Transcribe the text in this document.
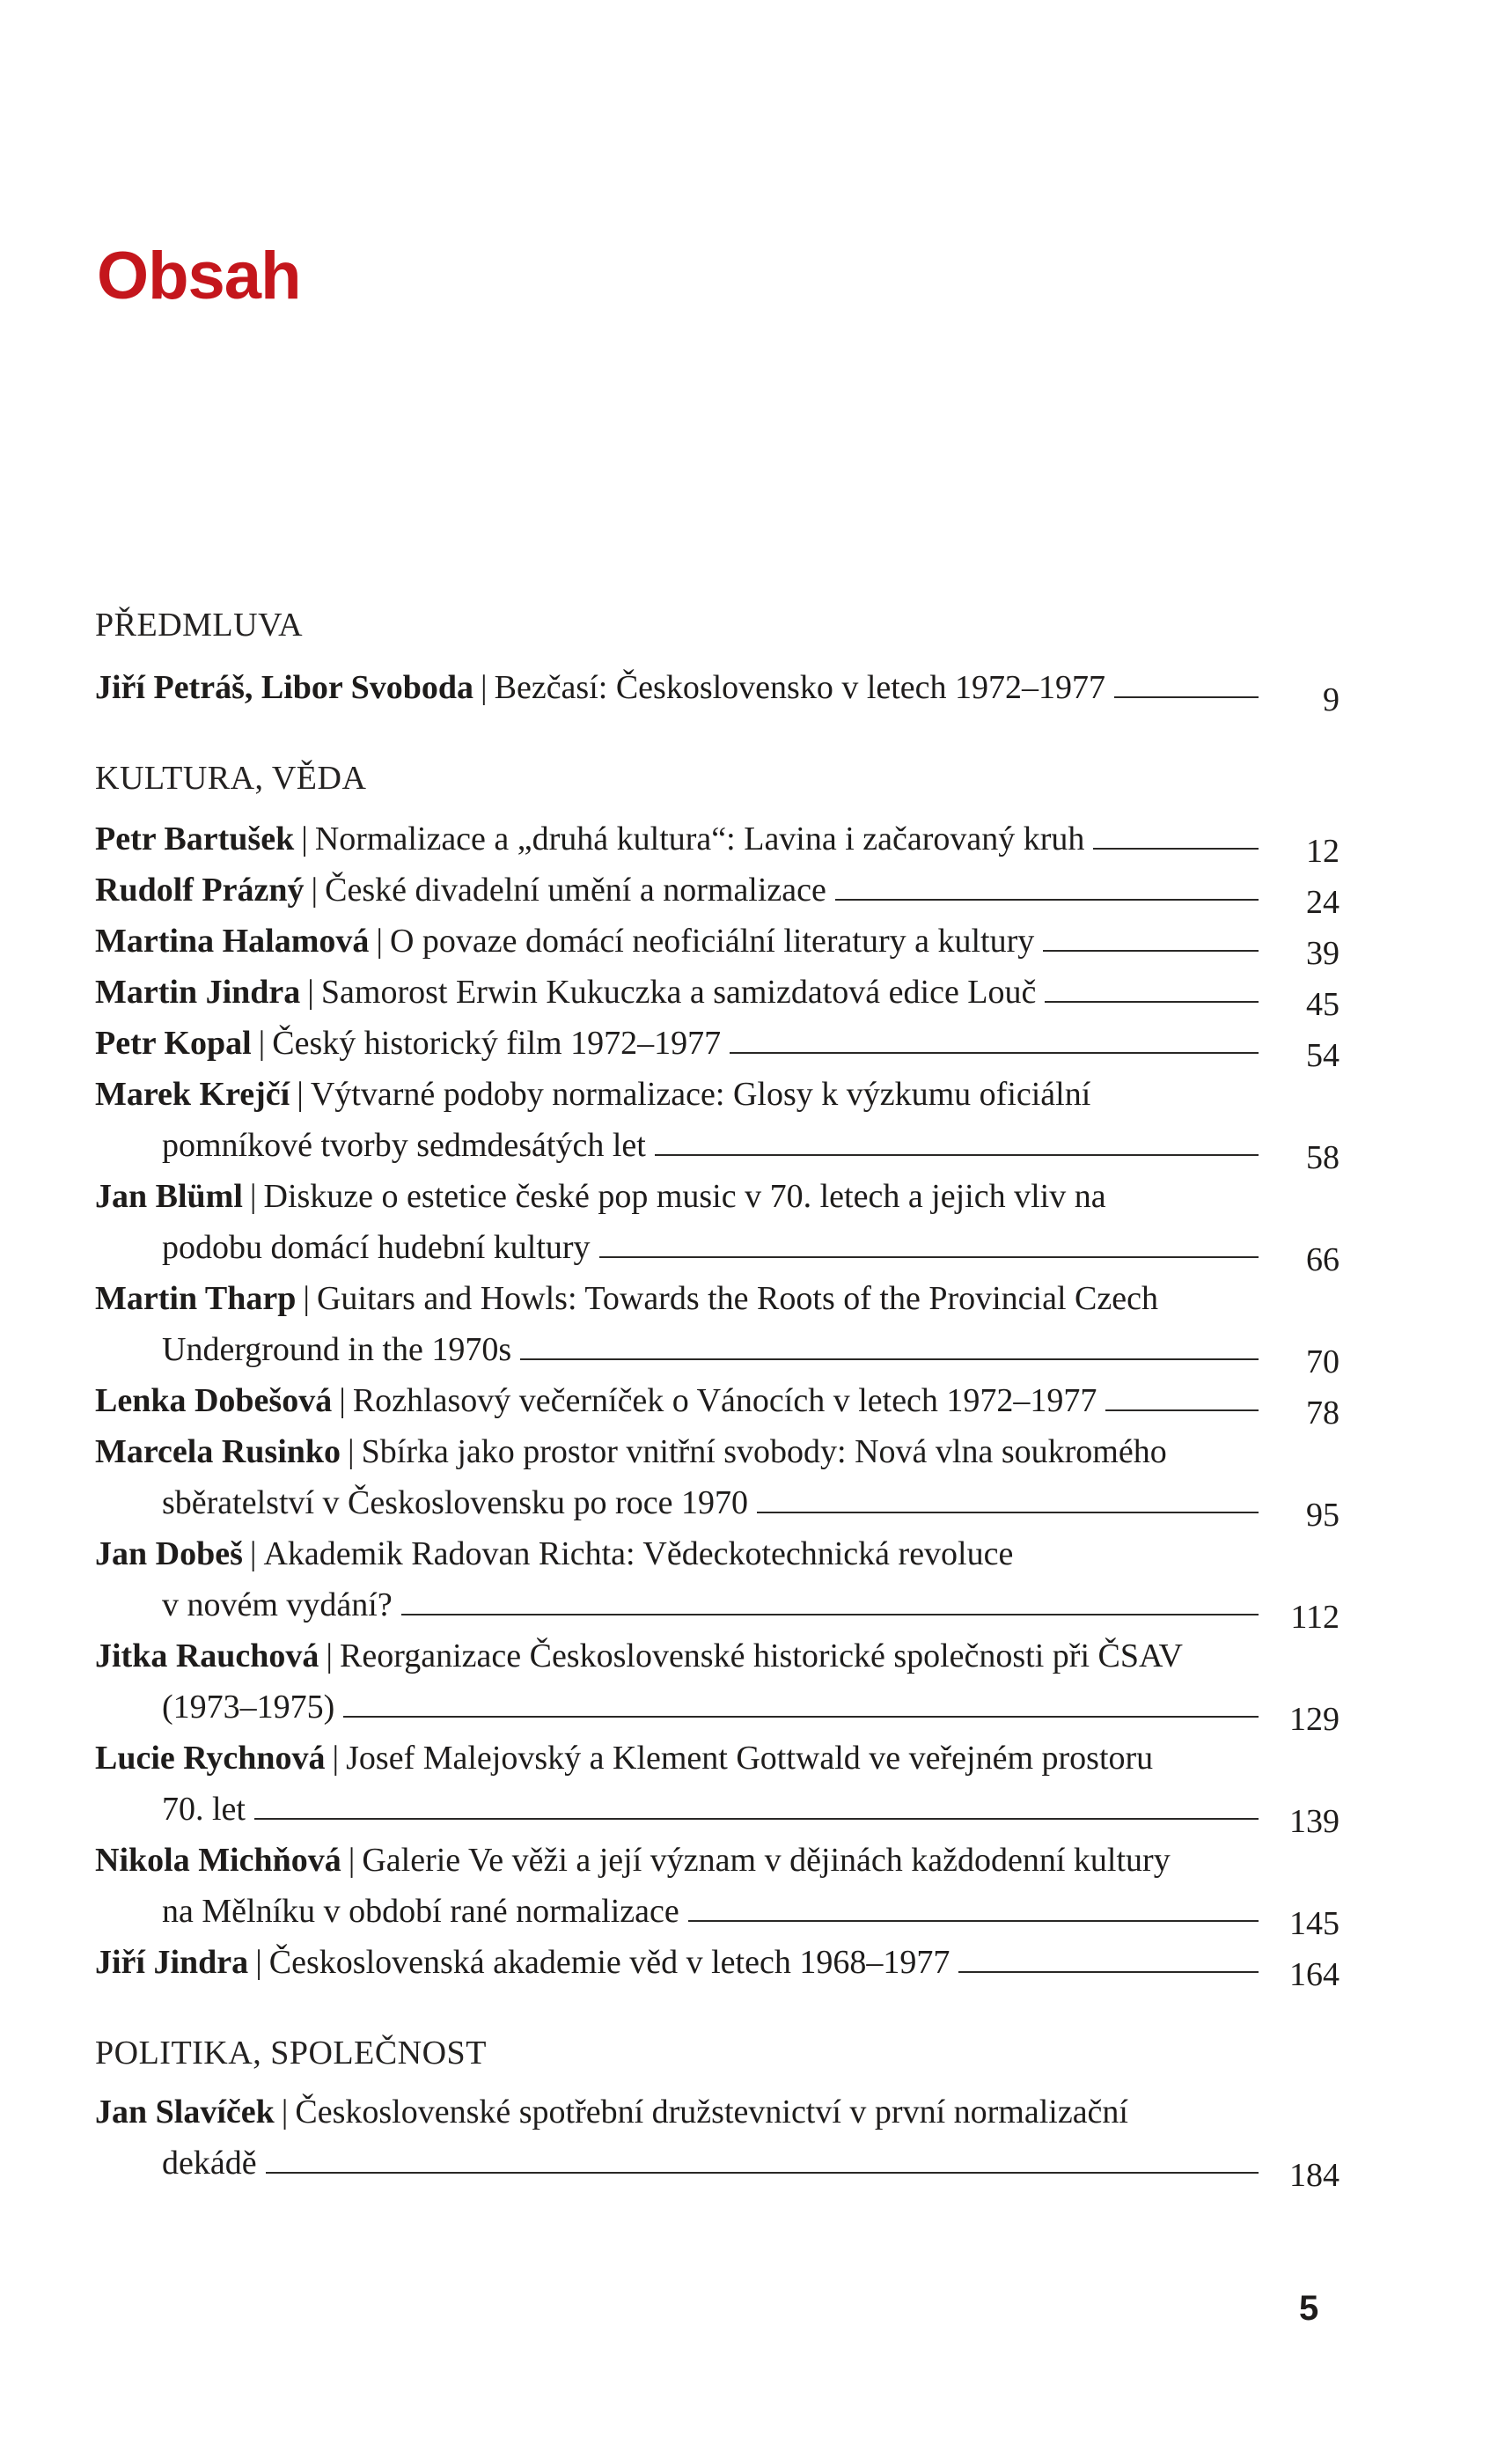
Obsah
PŘEDMLUVA
Jiří Petráš, Libor Svoboda | Bezčasí: Československo v letech 1972–1977	9
KULTURA, VĚDA
Petr Bartušek | Normalizace a „druhá kultura“: Lavina i začarovaný kruh	12
Rudolf Prázný | České divadelní umění a normalizace	24
Martina Halamová | O povaze domácí neoficiální literatury a kultury	39
Martin Jindra | Samorost Erwin Kukuczka a samizdatová edice Louč	45
Petr Kopal | Český historický film 1972–1977	54
Marek Krejčí | Výtvarné podoby normalizace: Glosy k výzkumu oficiální
pomníkové tvorby sedmdesátých let	58
Jan Blüml | Diskuze o estetice české pop music v 70. letech a jejich vliv na
podobu domácí hudební kultury	66
Martin Tharp | Guitars and Howls: Towards the Roots of the Provincial Czech
Underground in the 1970s	70
Lenka Dobešová | Rozhlasový večerníček o Vánocích v letech 1972–1977	78
Marcela Rusinko | Sbírka jako prostor vnitřní svobody: Nová vlna soukromého
sběratelství v Československu po roce 1970	95
Jan Dobeš | Akademik Radovan Richta: Vědeckotechnická revoluce
v novém vydání?	112
Jitka Rauchová | Reorganizace Československé historické společnosti při ČSAV
(1973–1975)	129
Lucie Rychnová | Josef Malejovský a Klement Gottwald ve veřejném prostoru
70. let	139
Nikola Michňová | Galerie Ve věži a její význam v dějinách každodenní kultury
na Mělníku v období rané normalizace	145
Jiří Jindra | Československá akademie věd v letech 1968–1977	164
POLITIKA, SPOLEČNOST
Jan Slavíček | Československé spotřební družstevnictví v první normalizační
dekádě	184
5
